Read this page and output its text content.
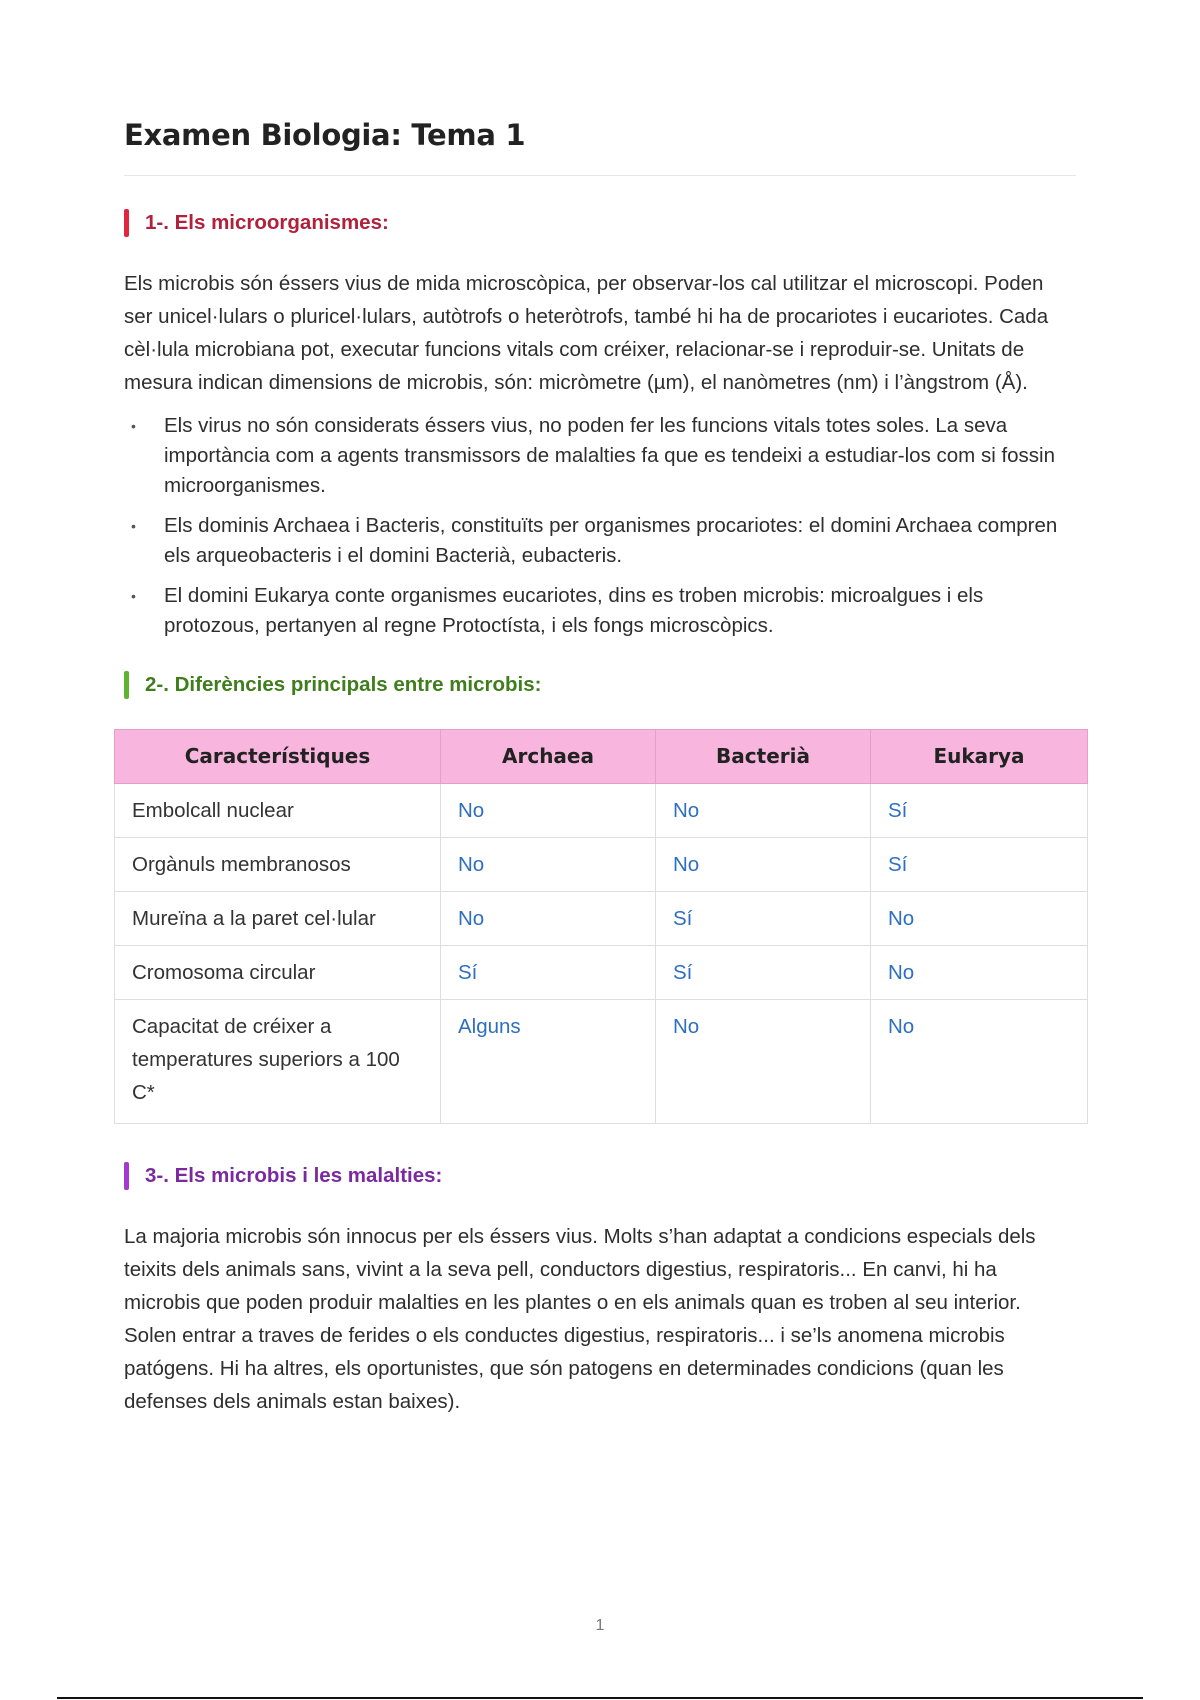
Examen Biologia: Tema 1
1-. Els microorganismes:

Els microbis són éssers vius de mida microscòpica, per observar-los cal utilitzar el microscopi. Poden ser unicel·lulars o pluricel·lulars, autòtrofs o heteròtrofs, també hi ha de procariotes i eucariotes. Cada cèl·lula microbiana pot, executar funcions vitals com créixer, relacionar-se i reproduir-se. Unitats de mesura indican dimensions de microbis, són: micròmetre (µm), el nanòmetres (nm) i l’àngstrom (Å).

• Els virus no són considerats éssers vius, no poden fer les funcions vitals totes soles. La seva importància com a agents transmissors de malalties fa que es tendeixi a estudiar-los com si fossin microorganismes.
• Els dominis Archaea i Bacteris, constituïts per organismes procariotes: el domini Archaea compren els arqueobacteris i el domini Bacterià, eubacteris.
• El domini Eukarya conte organismes eucariotes, dins es troben microbis: microalgues i els protozous, pertanyen al regne Protoctísta, i els fongs microscòpics.
2-. Diferències principals entre microbis:
Característiques	Archaea	Bacterià	Eukarya
Embolcall nuclear	No	No	Sí
Orgànuls membranosos	No	No	Sí
Mureïna a la paret cel·lular	No	Sí	No
Cromosoma circular	Sí	Sí	No
Capacitat de créixer a temperatures superiors a 100 C*	Alguns	No	No
3-. Els microbis i les malalties:

La majoria microbis són innocus per els éssers vius. Molts s’han adaptat a condicions especials dels teixits dels animals sans, vivint a la seva pell, conductors digestius, respiratoris... En canvi, hi ha microbis que poden produir malalties en les plantes o en els animals quan es troben al seu interior. Solen entrar a traves de ferides o els conductes digestius, respiratoris... i se’ls anomena microbis patógens. Hi ha altres, els oportunistes, que són patogens en determinades condicions (quan les defenses dels animals estan baixes).

1
